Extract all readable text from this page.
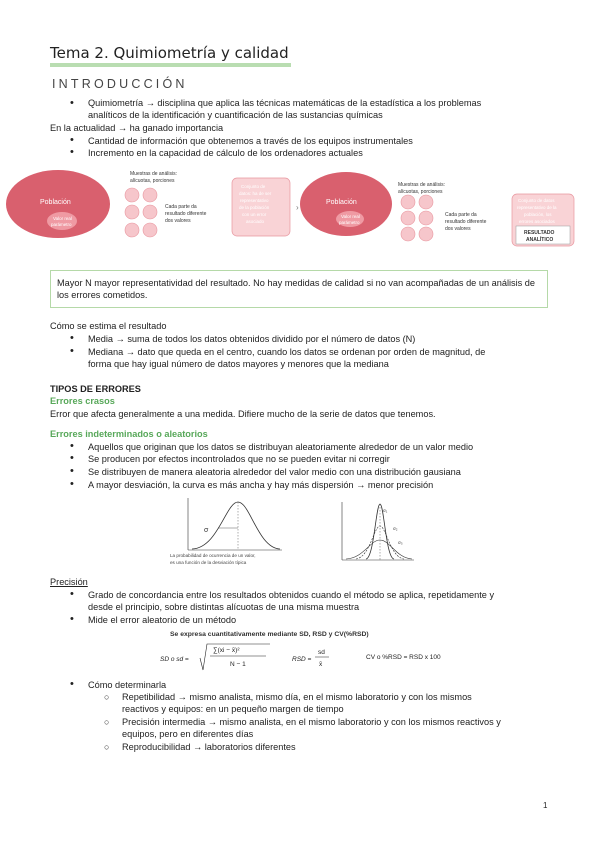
Tema 2. Quimiometría y calidad
INTRODUCCIÓN
• Quimiometría → disciplina que aplica las técnicas matemáticas de la estadística a los problemas
analíticos de la identificación y cuantificación de las sustancias químicas
En la actualidad → ha ganado importancia
• Cantidad de información que obtenemos a través de los equipos instrumentales
• Incremento en la capacidad de cálculo de los ordenadores actuales
Población
Valor real
parámetro
Muestras de análisis:
alícuotas, porciones
Cada parte da
resultado diferente
dos valores
Conjunto de
datos: ha de ser
representativo
de la población
con un error
asociado
›
Población
Valor real
parámetro
Muestras de análisis:
alícuotas, porciones
Cada parte da
resultado diferente
dos valores
Conjunto de datos
representativo de la
población, los
errores asociados
RESULTADO
ANALÍTICO
Mayor N mayor representatividad del resultado. No hay medidas de calidad si no van acompañadas de un análisis de los errores cometidos.
Cómo se estima el resultado
• Media → suma de todos los datos obtenidos dividido por el número de datos (N)
• Mediana → dato que queda en el centro, cuando los datos se ordenan por orden de magnitud, de
forma que hay igual número de datos mayores y menores que la mediana
TIPOS DE ERRORES
Errores crasos
Error que afecta generalmente a una medida. Difiere mucho de la serie de datos que tenemos.
Errores indeterminados o aleatorios
• Aquellos que originan que los datos se distribuyan aleatoriamente alrededor de un valor medio
• Se producen por efectos incontrolados que no se pueden evitar ni corregir
• Se distribuyen de manera aleatoria alrededor del valor medio con una distribución gausiana
• A mayor desviación, la curva es más ancha y hay más dispersión → menor precisión
σ
La probabilidad de ocurrencia de un valor,
es una función de la desviación típica
σ₁
σ₂
σ₃
Precisión
• Grado de concordancia entre los resultados obtenidos cuando el método se aplica, repetidamente y
desde el principio, sobre distintas alícuotas de una misma muestra
• Mide el error aleatorio de un método
Se expresa cuantitativamente mediante SD, RSD y CV(%RSD)
SD o sd =
∑(xi − x̄)²
N − 1
RSD =
sd
x̄
CV o %RSD = RSD x 100
• Cómo determinarla
○ Repetibilidad → mismo analista, mismo día, en el mismo laboratorio y con los mismos
reactivos y equipos: en un pequeño margen de tiempo
○ Precisión intermedia → mismo analista, en el mismo laboratorio y con los mismos reactivos y
equipos, pero en diferentes días
○ Reproducibilidad → laboratorios diferentes
1
